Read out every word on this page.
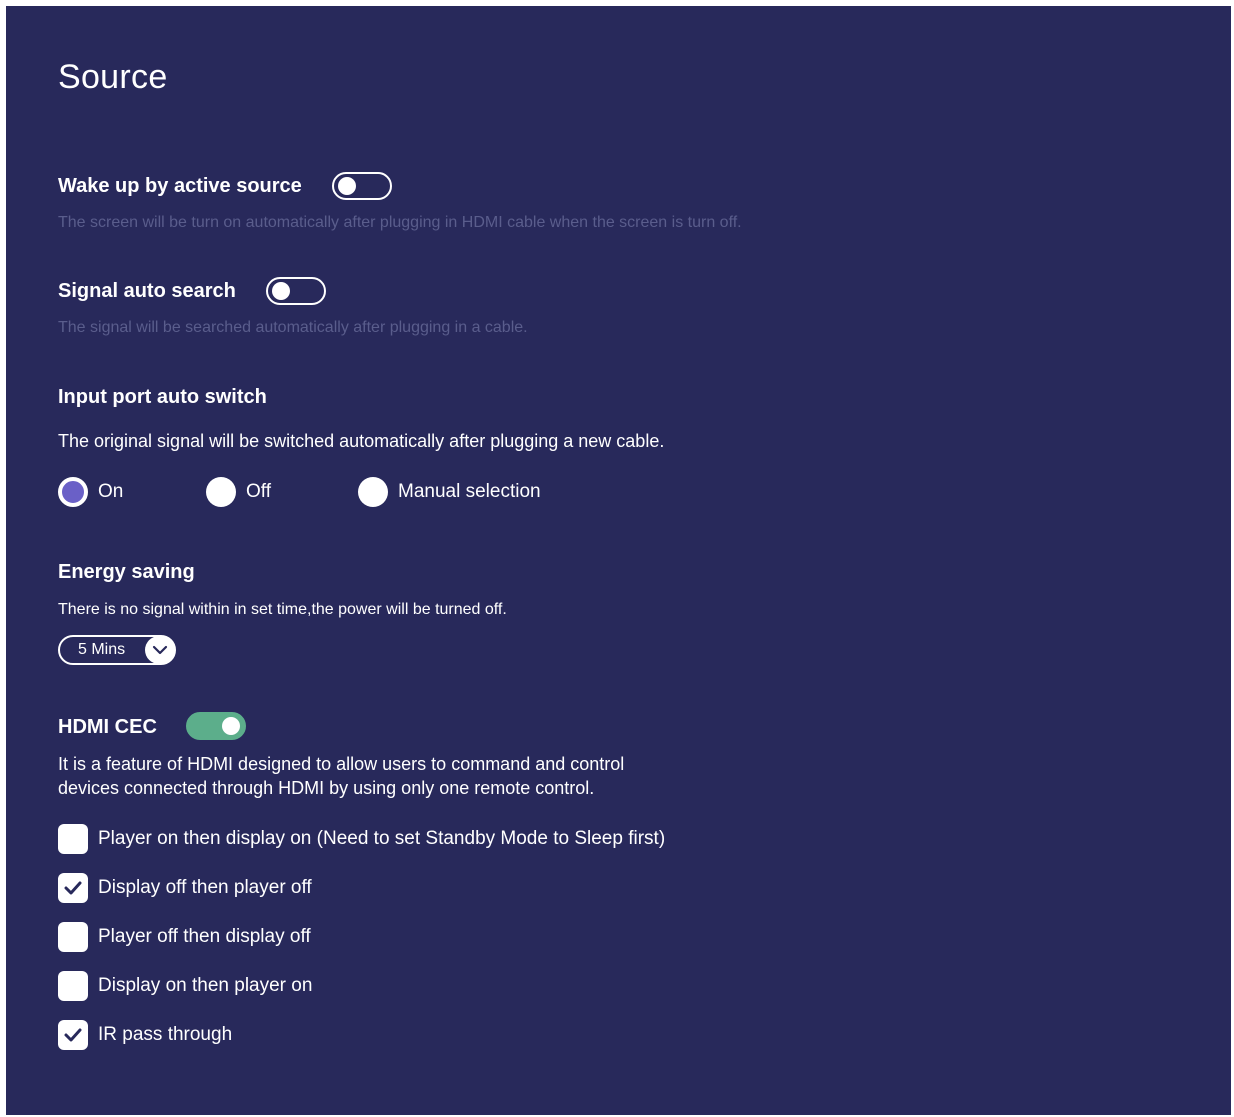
Source
Wake up by active source
The screen will be turn on automatically after plugging in HDMI cable when the screen is turn off.
Signal auto search
The signal will be searched automatically after plugging in a cable.
Input port auto switch
The original signal will be switched automatically after plugging a new cable.
On	Off	Manual selection
Energy saving
There is no signal within in set time,the power will be turned off.
5 Mins
HDMI CEC
It is a feature of HDMI designed to allow users to command and control
devices connected through HDMI by using only one remote control.
Player on then display on (Need to set Standby Mode to Sleep first)
Display off then player off
Player off then display off
Display on then player on
IR pass through
